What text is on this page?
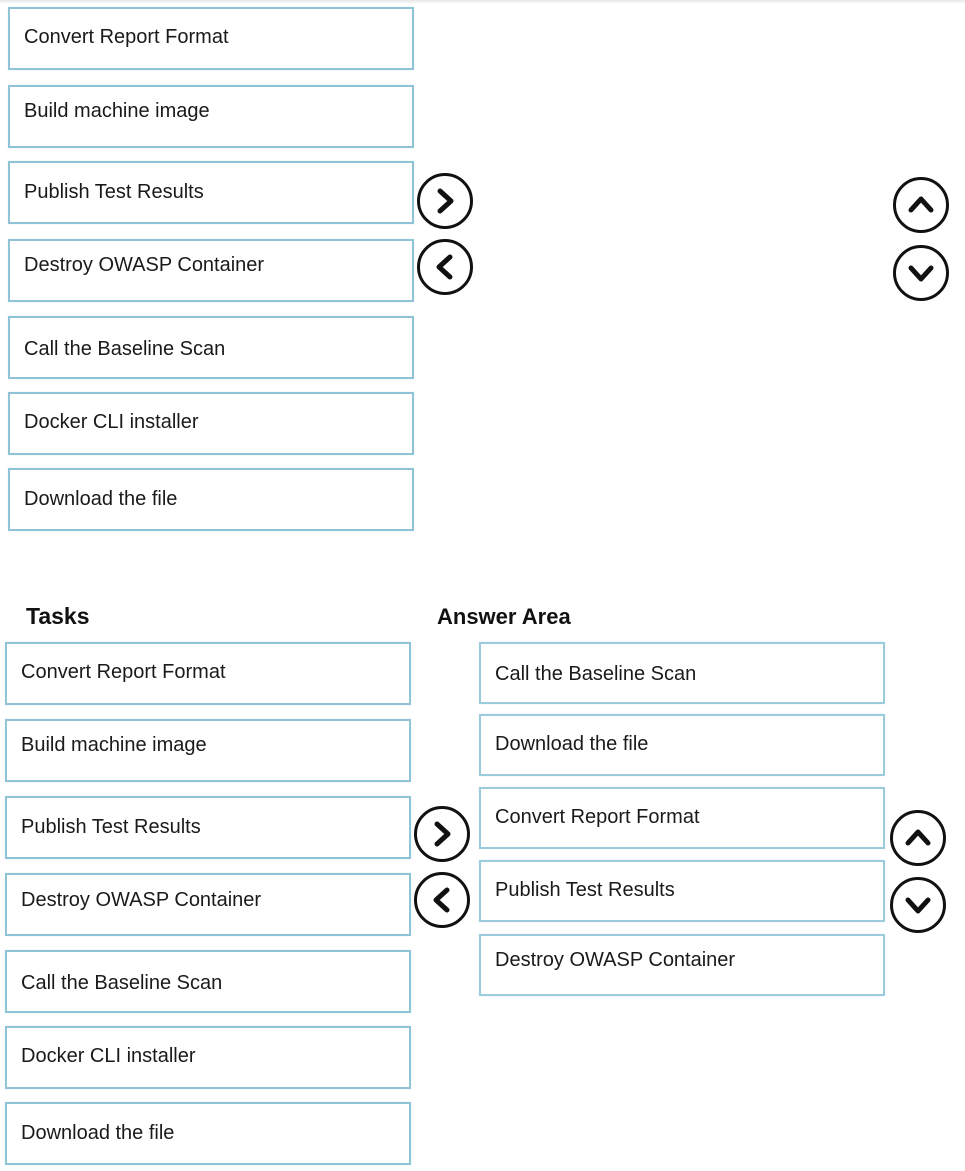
Convert Report Format
Build machine image
Publish Test Results
Destroy OWASP Container
Call the Baseline Scan
Docker CLI installer
Download the file
Tasks	Answer Area
Convert Report Format
Build machine image
Publish Test Results
Destroy OWASP Container
Call the Baseline Scan
Docker CLI installer
Download the file
Call the Baseline Scan
Download the file
Convert Report Format
Publish Test Results
Destroy OWASP Container
